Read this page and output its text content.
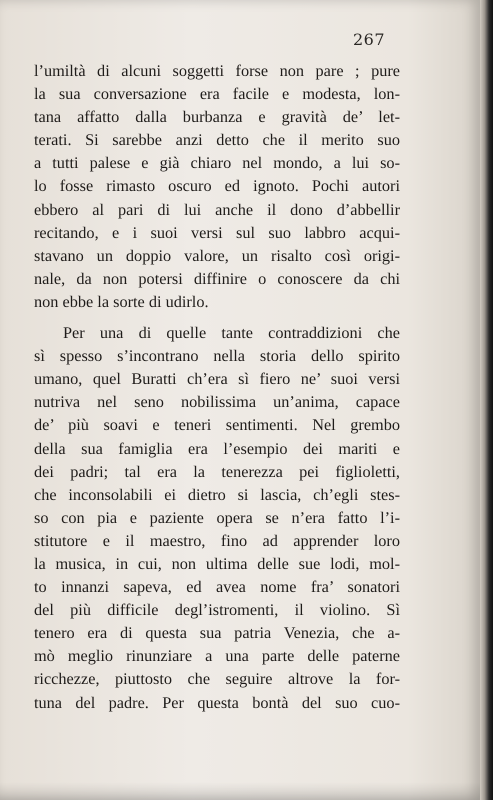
267
l’umiltà di alcuni soggetti forse non pare ; pure
la sua conversazione era facile e modesta, lon-
tana affatto dalla burbanza e gravità de’ let-
terati. Si sarebbe anzi detto che il merito suo
a tutti palese e già chiaro nel mondo, a lui so-
lo fosse rimasto oscuro ed ignoto. Pochi autori
ebbero al pari di lui anche il dono d’abbellir
recitando, e i suoi versi sul suo labbro acqui-
stavano un doppio valore, un risalto così origi-
nale, da non potersi diffinire o conoscere da chi
non ebbe la sorte di udirlo.
Per una di quelle tante contraddizioni che
sì spesso s’incontrano nella storia dello spirito
umano, quel Buratti ch’era sì fiero ne’ suoi versi
nutriva nel seno nobilissima un’anima, capace
de’ più soavi e teneri sentimenti. Nel grembo
della sua famiglia era l’esempio dei mariti e
dei padri; tal era la tenerezza pei figlioletti,
che inconsolabili ei dietro si lascia, ch’egli stes-
so con pia e paziente opera se n’era fatto l’i-
stitutore e il maestro, fino ad apprender loro
la musica, in cui, non ultima delle sue lodi, mol-
to innanzi sapeva, ed avea nome fra’ sonatori
del più difficile degl’istromenti, il violino. Sì
tenero era di questa sua patria Venezia, che a-
mò meglio rinunziare a una parte delle paterne
ricchezze, piuttosto che seguire altrove la for-
tuna del padre. Per questa bontà del suo cuo-
